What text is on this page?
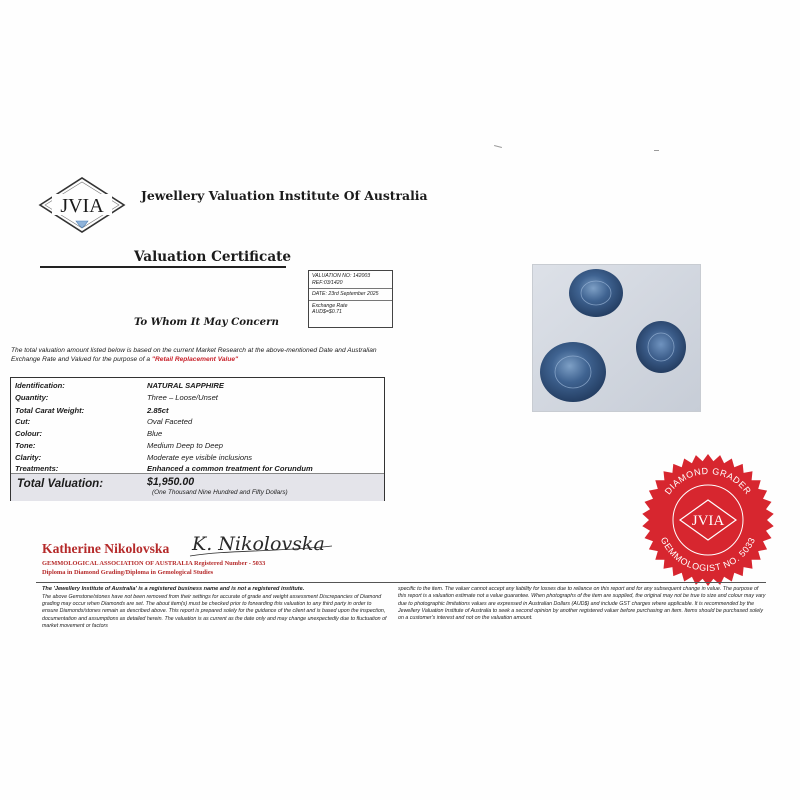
JVIA	Jewellery Valuation Institute Of Australia
Valuation Certificate
VALUATION NO: 142003
REF:03/1420
DATE: 23rd September 2025
Exchange Rate
AUD$=$0.71
To Whom It May Concern
The total valuation amount listed below is based on the current Market Research at the above-mentioned Date and Australian Exchange Rate and Valued for the purpose of a "Retail Replacement Value"
Identification:	NATURAL SAPPHIRE
Quantity:	Three – Loose/Unset
Total Carat Weight:	2.85ct
Cut:	Oval Faceted
Colour:	Blue
Tone:	Medium Deep to Deep
Clarity:	Moderate eye visible inclusions
Treatments:	Enhanced a common treatment for Corundum
Total Valuation:	$1,950.00
(One Thousand Nine Hundred and Fifty Dollars)	DIAMOND GRADER
GEMMOLOGIST NO. 5033
JVIA
Katherine Nikolovska K. Nikolovska
GEMMOLOGICAL ASSOCIATION OF AUSTRALIA Registered Number - 5033
Diploma in Diamond Grading/Diploma in Gemological Studies
The 'Jewellery Institute of Australia' is a registered business name and is not a registered institute.
The above Gemstone/stones have not been removed from their settings for accurate of grade and weight assessment Discrepancies of Diamond grading may occur when Diamonds are set. The about item(s) must be checked prior to forwarding this valuation to any third party in order to ensure Diamonds/stones remain as described above. This report is prepared solely for the guidance of the client and is based upon the inspection, documentation and assumptions as detailed herein. The valuation is as current as the date only and may change unexpectedly due to fluctuation of market movement or factors
specific to the item. The valuer cannot accept any liability for losses due to reliance on this report and for any subsequent change in value. The purpose of this report is a valuation estimate not a value guarantee. When photographs of the item are supplied, the original may not be true to size and colour may vary due to photographic limitations values are expressed in Australian Dollars (AUD$) and include GST charges where applicable. It is recommended by the Jewellery Valuation Institute of Australia to seek a second opinion by another registered valuer before purchasing an item. Items should be purchased solely on a customer's interest and not on the valuation amount.
